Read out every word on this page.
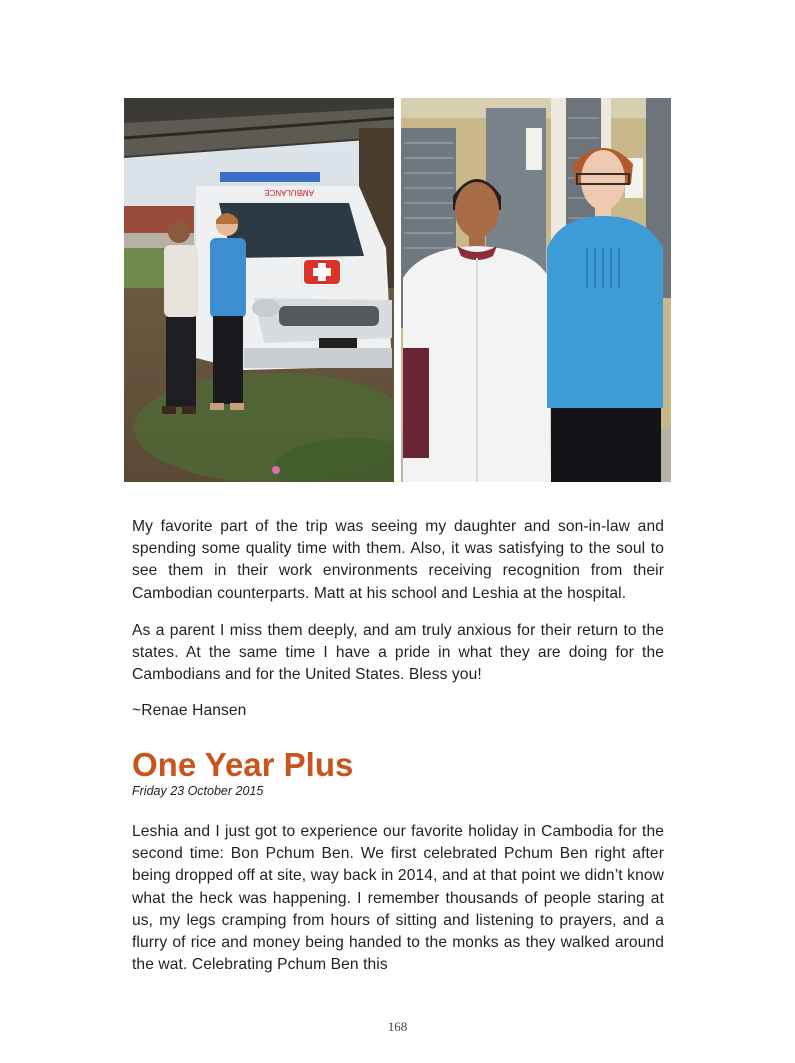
AMBULANCE

My favorite part of the trip was seeing my daughter and son-in-law and spending some quality time with them. Also, it was satisfying to the soul to see them in their work environments receiving recognition from their Cambodian counterparts. Matt at his school and Leshia at the hospital.

As a parent I miss them deeply, and am truly anxious for their return to the states. At the same time I have a pride in what they are doing for the Cambodians and for the United States. Bless you!

~Renae Hansen

One Year Plus

Friday 23 October 2015

Leshia and I just got to experience our favorite holiday in Cambodia for the second time: Bon Pchum Ben. We first celebrated Pchum Ben right after being dropped off at site, way back in 2014, and at that point we didn’t know what the heck was happening. I remember thousands of people staring at us, my legs cramping from hours of sitting and listening to prayers, and a flurry of rice and money being handed to the monks as they walked around the wat. Celebrating Pchum Ben this

168
